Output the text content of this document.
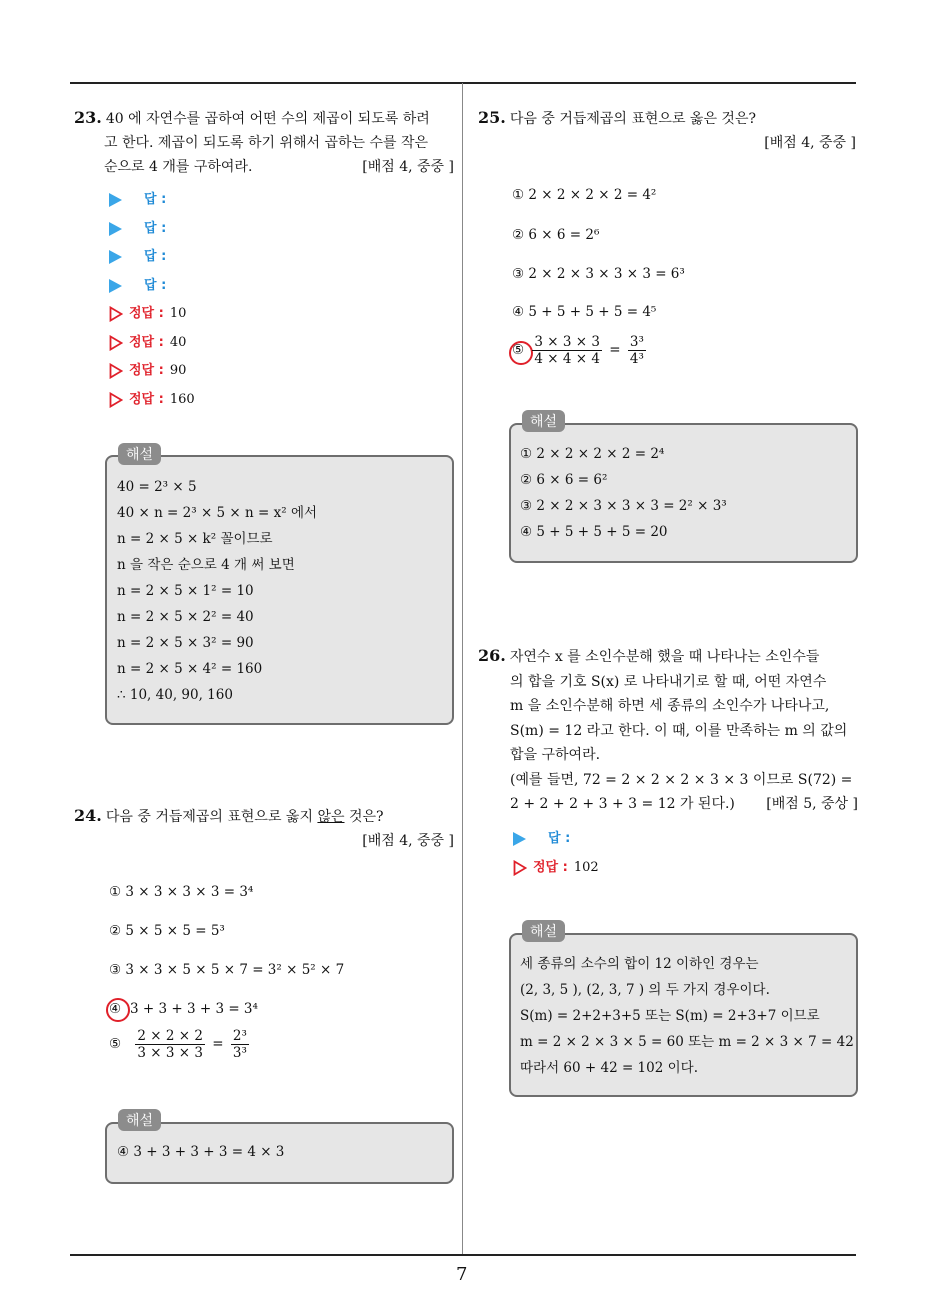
7
23. 40 에 자연수를 곱하여 어떤 수의 제곱이 되도록 하려
고 한다. 제곱이 되도록 하기 위해서 곱하는 수를 작은
순으로 4 개를 구하여라.	[배점 4, 중중 ]
답 :
답 :
답 :
답 :
정답 : 10
정답 : 40
정답 : 90
정답 : 160
해설
40 = 2³ × 5
40 × n = 2³ × 5 × n = x² 에서
n = 2 × 5 × k² 꼴이므로
n 을 작은 순으로 4 개 써 보면
n = 2 × 5 × 1² = 10
n = 2 × 5 × 2² = 40
n = 2 × 5 × 3² = 90
n = 2 × 5 × 4² = 160
∴ 10, 40, 90, 160
24. 다음 중 거듭제곱의 표현으로 옳지 않은 것은?
[배점 4, 중중 ]
① 3 × 3 × 3 × 3 = 3⁴
② 5 × 5 × 5 = 5³
③ 3 × 3 × 5 × 5 × 7 = 3² × 5² × 7
④ 3 + 3 + 3 + 3 = 3⁴
⑤ $\frac{2 \times 2 \times 2}{3 \times 3 \times 3} = \frac{\text{2³}}{\text{3³}}$
해설
④ 3 + 3 + 3 + 3 = 4 × 3
25. 다음 중 거듭제곱의 표현으로 옳은 것은?
[배점 4, 중중 ]
① 2 × 2 × 2 × 2 = 4²
② 6 × 6 = 2⁶
③ 2 × 2 × 3 × 3 × 3 = 6³
④ 5 + 5 + 5 + 5 = 4⁵
⑤ $\frac{3 \times 3 \times 3}{4 \times 4 \times 4} = \frac{\text{3³}}{\text{4³}}$
해설
① 2 × 2 × 2 × 2 = 2⁴
② 6 × 6 = 6²
③ 2 × 2 × 3 × 3 × 3 = 2² × 3³
④ 5 + 5 + 5 + 5 = 20
26. 자연수 x 를 소인수분해 했을 때 나타나는 소인수들
의 합을 기호 S(x) 로 나타내기로 할 때, 어떤 자연수
m 을 소인수분해 하면 세 종류의 소인수가 나타나고,
S(m) = 12 라고 한다. 이 때, 이를 만족하는 m 의 값의
합을 구하여라.
(예를 들면, 72 = 2 × 2 × 2 × 3 × 3 이므로 S(72) =
2 + 2 + 2 + 3 + 3 = 12 가 된다.) [배점 5, 중상 ]
답 :
정답 : 102
해설
세 종류의 소수의 합이 12 이하인 경우는
(2, 3, 5 ), (2, 3, 7 ) 의 두 가지 경우이다.
S(m) = 2+2+3+5 또는 S(m) = 2+3+7 이므로
m = 2 × 2 × 3 × 5 = 60 또는 m = 2 × 3 × 7 = 42
따라서 60 + 42 = 102 이다.
